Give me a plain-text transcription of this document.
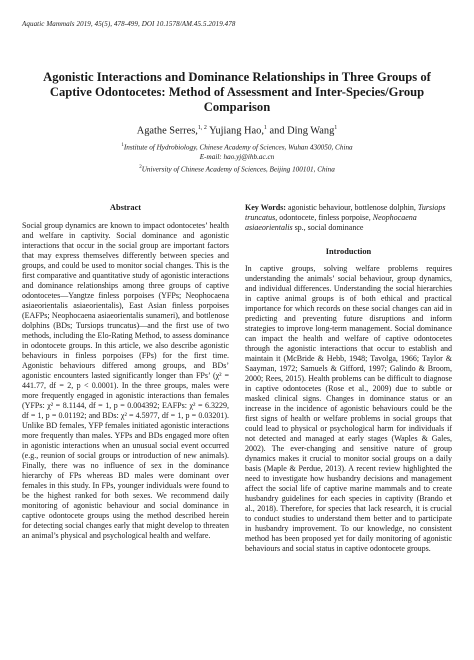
Aquatic Mammals 2019, 45(5), 478-499, DOI 10.1578/AM.45.5.2019.478
Agonistic Interactions and Dominance Relationships in Three Groups of Captive Odontocetes: Method of Assessment and Inter-Species/Group Comparison
Agathe Serres,$^{1, 2}$ Yujiang Hao,$^1$ and Ding Wang$^1$
$^1$Institute of Hydrobiology, Chinese Academy of Sciences, Wuhan 430050, China
E-mail: hao.yj@ihb.ac.cn
$^2$University of Chinese Academy of Sciences, Beijing 100101, China
Abstract

Social group dynamics are known to impact odontocetes’ health and welfare in captivity. Social dominance and agonistic interactions that occur in the social group are important factors that may express themselves differently between species and groups, and could be used to monitor social changes. This is the first comparative and quantitative study of agonistic interactions and dominance relationships among three groups of captive odontocetes—Yangtze finless porpoises (YFPs; Neophocaena asiaeorientalis asiaeorientalis), East Asian finless porpoises (EAFPs; Neophocaena asiaeorientalis sunameri), and bottlenose dolphins (BDs; Tursiops truncatus)—and the first use of two methods, including the Elo-Rating Method, to assess dominance in odontocete groups. In this article, we also describe agonistic behaviours in finless porpoises (FPs) for the first time. Agonistic behaviours differed among groups, and BDs’ agonistic encounters lasted significantly longer than FPs’ (χ² = 441.77, df = 2, p < 0.0001). In the three groups, males were more frequently engaged in agonistic interactions than females (YFPs: χ² = 8.1144, df = 1, p = 0.004392; EAFPs: χ² = 6.3229, df = 1, p = 0.01192; and BDs: χ² = 4.5977, df = 1, p = 0.03201). Unlike BD females, YFP females initiated agonistic interactions more frequently than males. YFPs and BDs engaged more often in agonistic interactions when an unusual social event occurred (e.g., reunion of social groups or introduction of new animals). Finally, there was no influence of sex in the dominance hierarchy of FPs whereas BD males were dominant over females in this study. In FPs, younger individuals were found to be the highest ranked for both sexes. We recommend daily monitoring of agonistic behaviour and social dominance in captive odontocete groups using the method described herein for detecting social changes early that might develop to threaten an animal’s physical and psychological health and welfare.

Key Words: agonistic behaviour, bottlenose dolphin, Tursiops truncatus, odontocete, finless porpoise, Neophocaena asiaeorientalis sp., social dominance

Introduction

In captive groups, solving welfare problems requires understanding the animals’ social behaviour, group dynamics, and individual differences. Understanding the social hierarchies in captive animal groups is of both ethical and practical importance for which records on these social changes can aid in predicting and preventing future disruptions and inform strategies to improve long-term management. Social dominance can impact the health and welfare of captive odontocetes through the agonistic interactions that occur to establish and maintain it (McBride & Hebb, 1948; Tavolga, 1966; Taylor & Saayman, 1972; Samuels & Gifford, 1997; Galindo & Broom, 2000; Rees, 2015). Health problems can be difficult to diagnose in captive odontocetes (Rose et al., 2009) due to subtle or masked clinical signs. Changes in dominance status or an increase in the incidence of agonistic behaviours could be the first signs of health or welfare problems in social groups that could lead to physical or psychological harm for individuals if not detected and managed at early stages (Waples & Gales, 2002). The ever-changing and sensitive nature of group dynamics makes it crucial to monitor social groups on a daily basis (Maple & Perdue, 2013). A recent review highlighted the need to investigate how husbandry decisions and management affect the social life of captive marine mammals and to create husbandry guidelines for each species in captivity (Brando et al., 2018). Therefore, for species that lack research, it is crucial to conduct studies to understand them better and to participate in husbandry improvement. To our knowledge, no consistent method has been proposed yet for daily monitoring of agonistic behaviours and social status in captive odontocete groups.
